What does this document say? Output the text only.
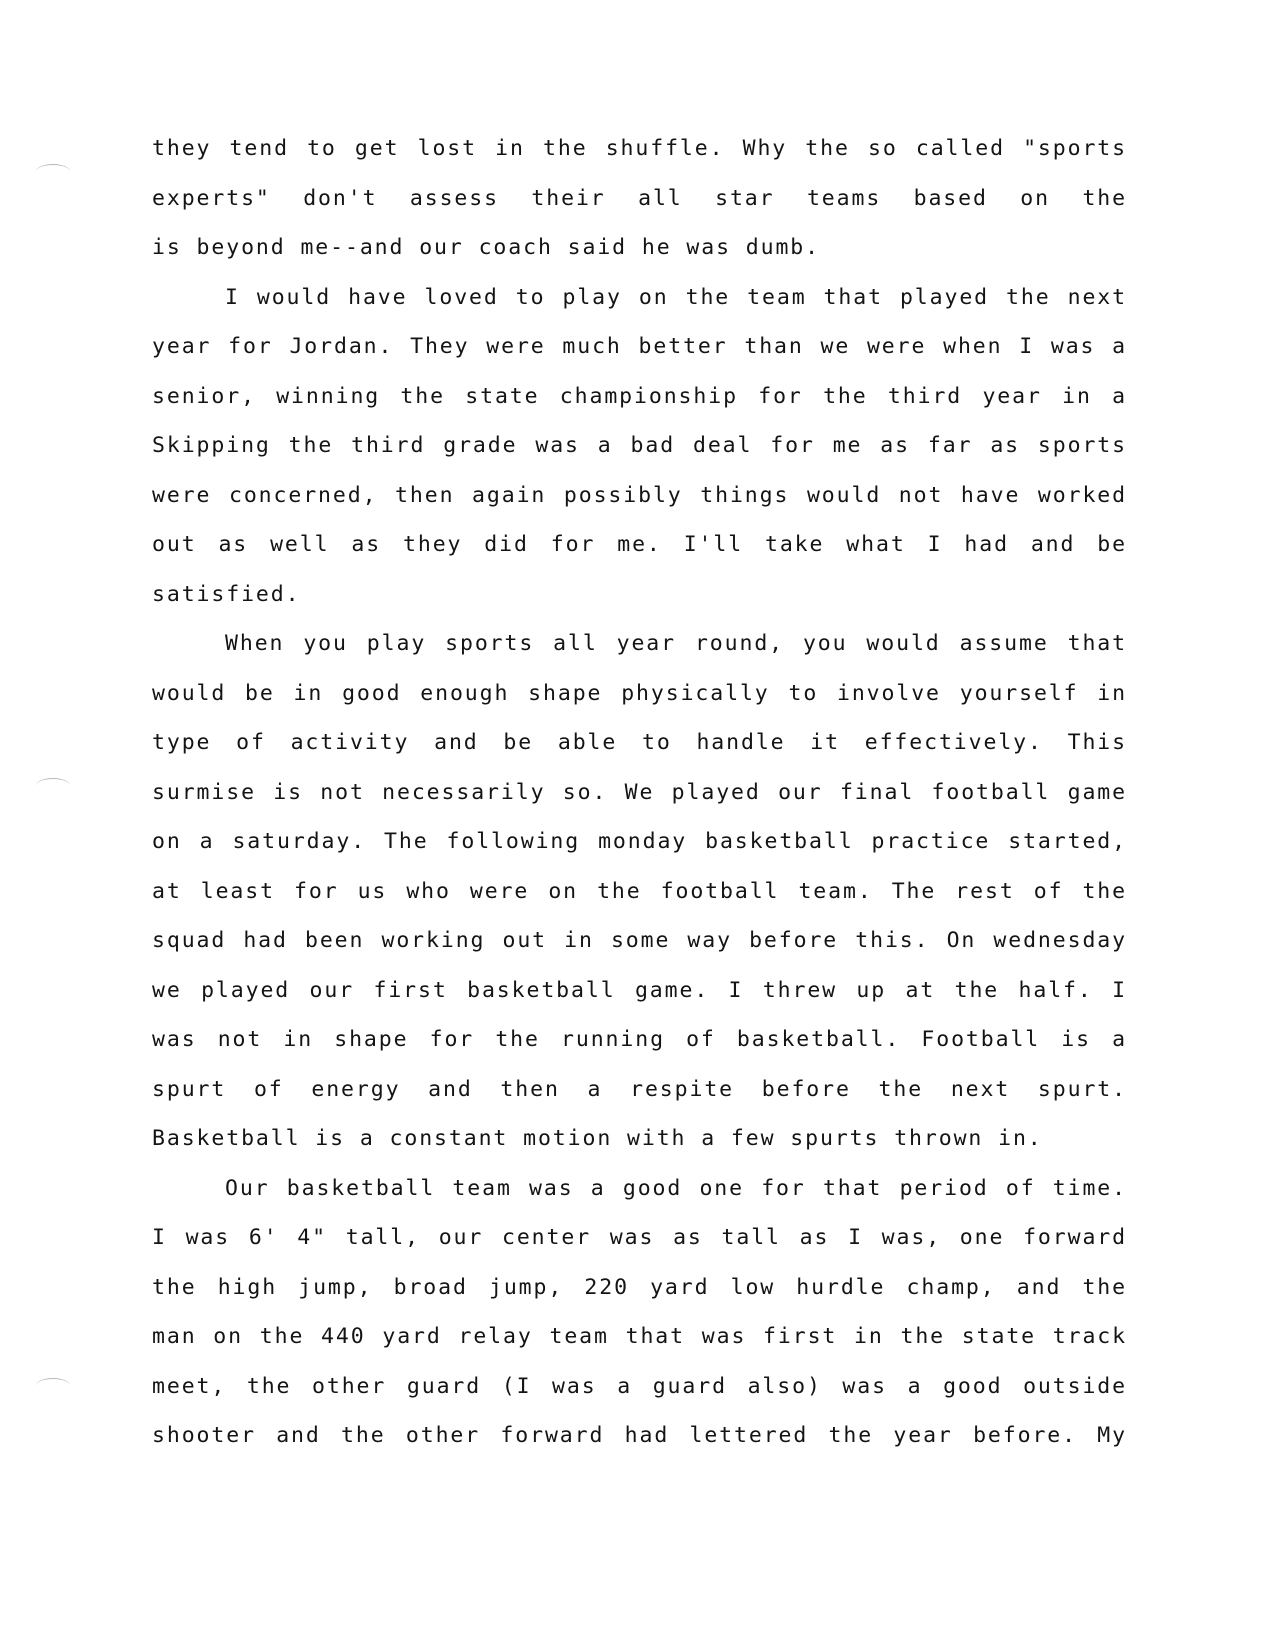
they tend to get lost in the shuffle. Why the so called "sports
experts" don't assess their all star teams based on the
is beyond me--and our coach said he was dumb.
I would have loved to play on the team that played the next
year for Jordan. They were much better than we were when I was a
senior, winning the state championship for the third year in a
Skipping the third grade was a bad deal for me as far as sports
were concerned, then again possibly things would not have worked
out as well as they did for me. I'll take what I had and be
satisfied.
When you play sports all year round, you would assume that
would be in good enough shape physically to involve yourself in
type of activity and be able to handle it effectively. This
surmise is not necessarily so. We played our final football game
on a saturday. The following monday basketball practice started,
at least for us who were on the football team. The rest of the
squad had been working out in some way before this. On wednesday
we played our first basketball game. I threw up at the half. I
was not in shape for the running of basketball. Football is a
spurt of energy and then a respite before the next spurt.
Basketball is a constant motion with a few spurts thrown in.
Our basketball team was a good one for that period of time.
I was 6' 4" tall, our center was as tall as I was, one forward
the high jump, broad jump, 220 yard low hurdle champ, and the
man on the 440 yard relay team that was first in the state track
meet, the other guard (I was a guard also) was a good outside
shooter and the other forward had lettered the year before. My
